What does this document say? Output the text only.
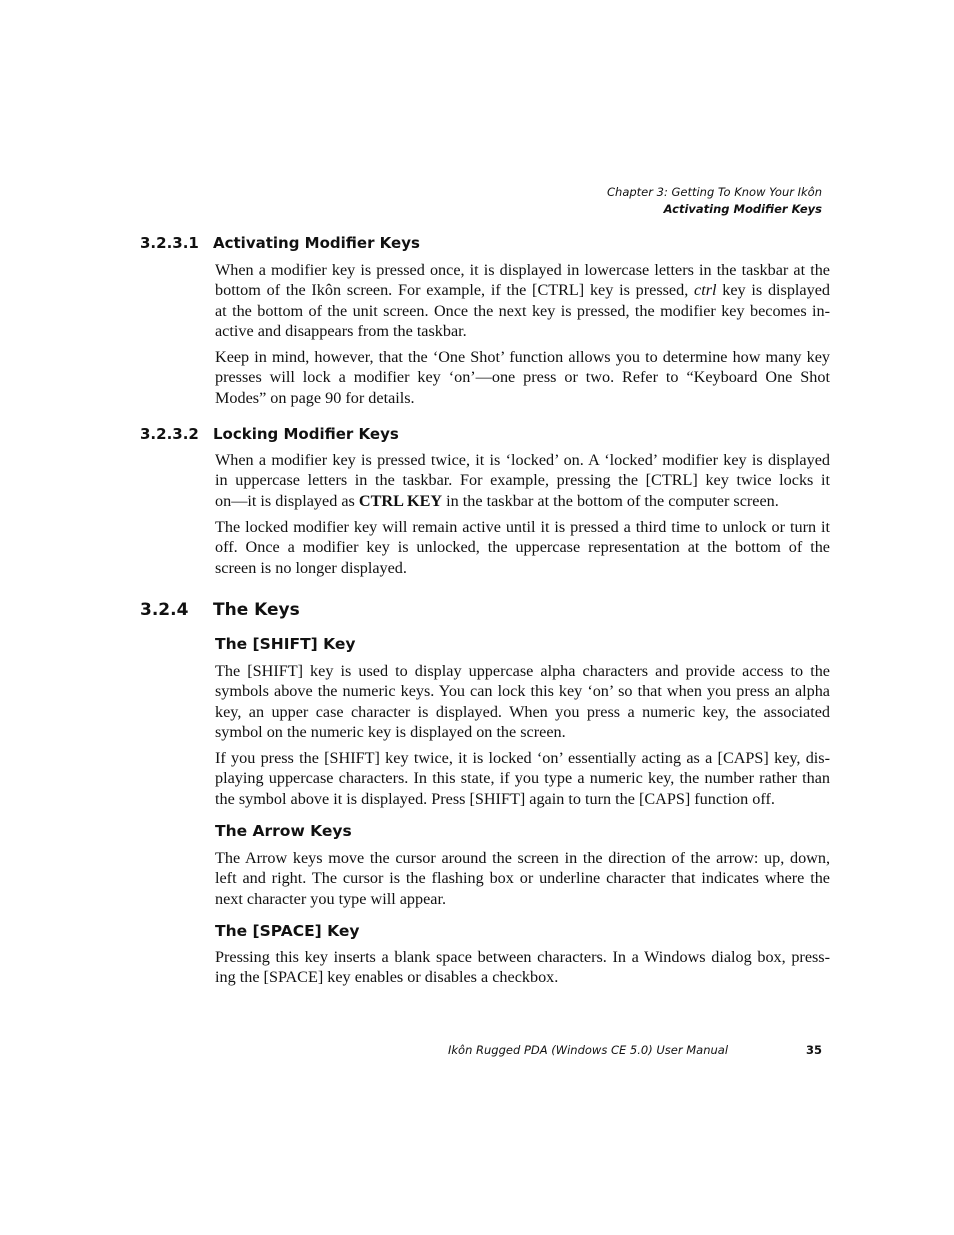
Chapter 3: Getting To Know Your Ikôn
Activating Modifier Keys
3.2.3.1 Activating Modifier Keys
When a modifier key is pressed once, it is displayed in lowercase letters in the taskbar at the
bottom of the Ikôn screen. For example, if the [CTRL] key is pressed, ctrl key is displayed
at the bottom of the unit screen. Once the next key is pressed, the modifier key becomes in-
active and disappears from the taskbar.
Keep in mind, however, that the ‘One Shot’ function allows you to determine how many key
presses will lock a modifier key ‘on’—one press or two. Refer to “Keyboard One Shot
Modes” on page 90 for details.
3.2.3.2 Locking Modifier Keys
When a modifier key is pressed twice, it is ‘locked’ on. A ‘locked’ modifier key is displayed
in uppercase letters in the taskbar. For example, pressing the [CTRL] key twice locks it
on—it is displayed as CTRL KEY in the taskbar at the bottom of the computer screen.
The locked modifier key will remain active until it is pressed a third time to unlock or turn it
off. Once a modifier key is unlocked, the uppercase representation at the bottom of the
screen is no longer displayed.
3.2.4 The Keys
The [SHIFT] Key
The [SHIFT] key is used to display uppercase alpha characters and provide access to the
symbols above the numeric keys. You can lock this key ‘on’ so that when you press an alpha
key, an upper case character is displayed. When you press a numeric key, the associated
symbol on the numeric key is displayed on the screen.
If you press the [SHIFT] key twice, it is locked ‘on’ essentially acting as a [CAPS] key, dis-
playing uppercase characters. In this state, if you type a numeric key, the number rather than
the symbol above it is displayed. Press [SHIFT] again to turn the [CAPS] function off.
The Arrow Keys
The Arrow keys move the cursor around the screen in the direction of the arrow: up, down,
left and right. The cursor is the flashing box or underline character that indicates where the
next character you type will appear.
The [SPACE] Key
Pressing this key inserts a blank space between characters. In a Windows dialog box, press-
ing the [SPACE] key enables or disables a checkbox.
Ikôn Rugged PDA (Windows CE 5.0) User Manual	35
